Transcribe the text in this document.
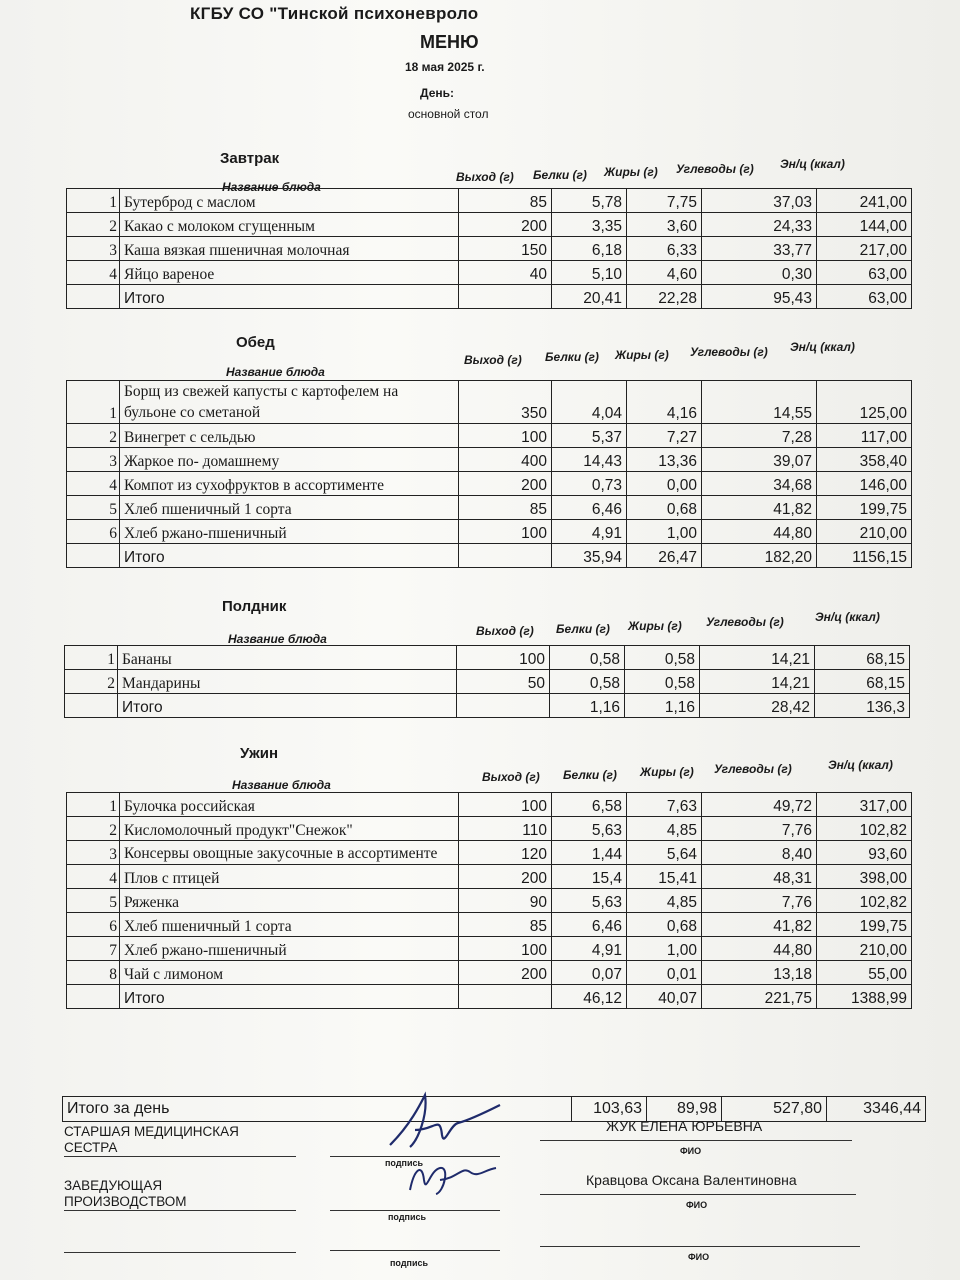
КГБУ СО "Тинской психоневроло
МЕНЮ
18 мая 2025 г.
День:
основной стол
Завтрак
Название блюда
Выход (г) Белки (г) Жиры (г) Углеводы (г) Эн/ц (ккал)
1	Бутерброд с маслом	85	5,78	7,75	37,03	241,00
2	Какао с молоком сгущенным	200	3,35	3,60	24,33	144,00
3	Каша вязкая пшеничная молочная	150	6,18	6,33	33,77	217,00
4	Яйцо вареное	40	5,10	4,60	0,30	63,00
	Итого		20,41	22,28	95,43	63,00
Обед
Название блюда
Выход (г) Белки (г) Жиры (г) Углеводы (г) Эн/ц (ккал)
1	Борщ из свежей капусты с картофелем на бульоне со сметаной	350	4,04	4,16	14,55	125,00
2	Винегрет с сельдью	100	5,37	7,27	7,28	117,00
3	Жаркое по- домашнему	400	14,43	13,36	39,07	358,40
4	Компот из сухофруктов в ассортименте	200	0,73	0,00	34,68	146,00
5	Хлеб пшеничный 1 сорта	85	6,46	0,68	41,82	199,75
6	Хлеб ржано-пшеничный	100	4,91	1,00	44,80	210,00
	Итого		35,94	26,47	182,20	1156,15
Полдник
Название блюда
Выход (г) Белки (г) Жиры (г) Углеводы (г)	Эн/ц (ккал)
1	Бананы	100	0,58	0,58	14,21	68,15
2	Мандарины	50	0,58	0,58	14,21	68,15
	Итого		1,16	1,16	28,42	136,3
Ужин
Название блюда
Выход (г) Белки (г) Жиры (г) Углеводы (г)	Эн/ц (ккал)
1	Булочка российская	100	6,58	7,63	49,72	317,00
2	Кисломолочный продукт"Снежок"	110	5,63	4,85	7,76	102,82
3	Консервы овощные закусочные в ассортименте	120	1,44	5,64	8,40	93,60
4	Плов с птицей	200	15,4	15,41	48,31	398,00
5	Ряженка	90	5,63	4,85	7,76	102,82
6	Хлеб пшеничный 1 сорта	85	6,46	0,68	41,82	199,75
7	Хлеб ржано-пшеничный	100	4,91	1,00	44,80	210,00
8	Чай с лимоном	200	0,07	0,01	13,18	55,00
	Итого		46,12	40,07	221,75	1388,99
Итого за день	103,63	89,98	527,80	3346,44
СТАРШАЯ МЕДИЦИНСКАЯ СЕСТРА
подпись
ЖУК ЕЛЕНА ЮРЬЕВНА
ФИО
ЗАВЕДУЮЩАЯ ПРОИЗВОДСТВОМ
подпись
Кравцова Оксана Валентиновна
ФИО
подпись
ФИО
